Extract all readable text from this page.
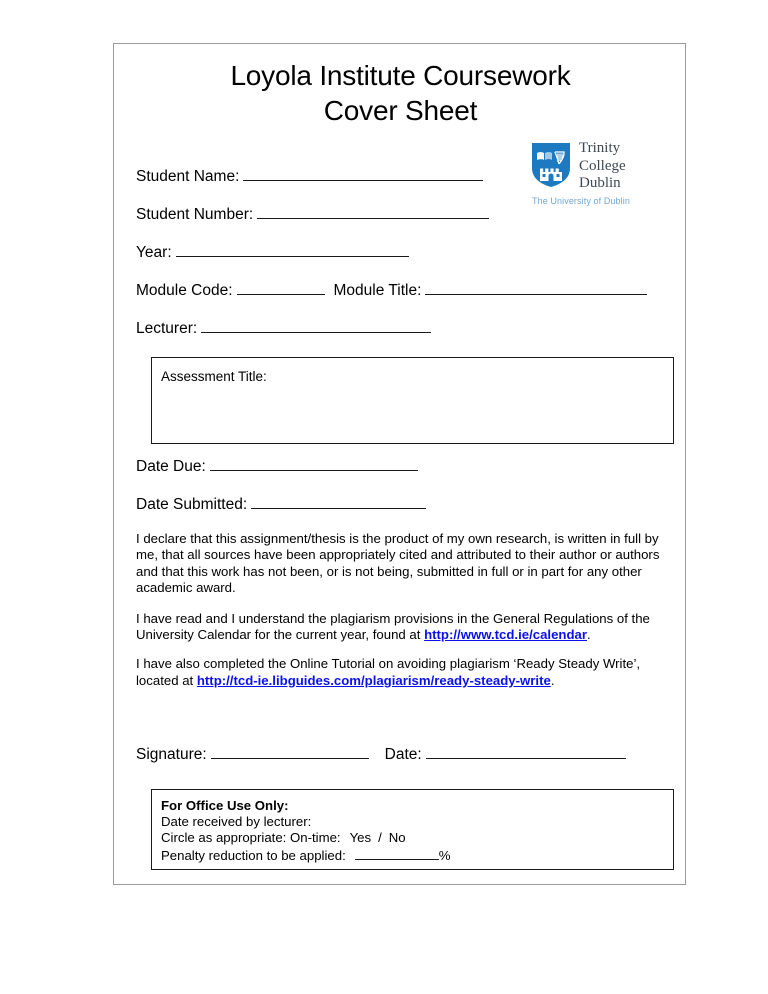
Loyola Institute Coursework
Cover Sheet
Trinity
College
Dublin
The University of Dublin
Student Name:
Student Number:
Year:
Module Code:	Module Title:
Lecturer:
Assessment Title:
Date Due:
Date Submitted:

I declare that this assignment/thesis is the product of my own research, is written in full by me, that all sources have been appropriately cited and attributed to their author or authors and that this work has not been, or is not being, submitted in full or in part for any other academic award.

I have read and I understand the plagiarism provisions in the General Regulations of the University Calendar for the current year, found at http://www.tcd.ie/calendar.

I have also completed the Online Tutorial on avoiding plagiarism ‘Ready Steady Write’, located at http://tcd-ie.libguides.com/plagiarism/ready-steady-write.

Signature:	Date:
For Office Use Only:
Date received by lecturer:
Circle as appropriate: On-time: Yes / No
Penalty reduction to be applied:	%
